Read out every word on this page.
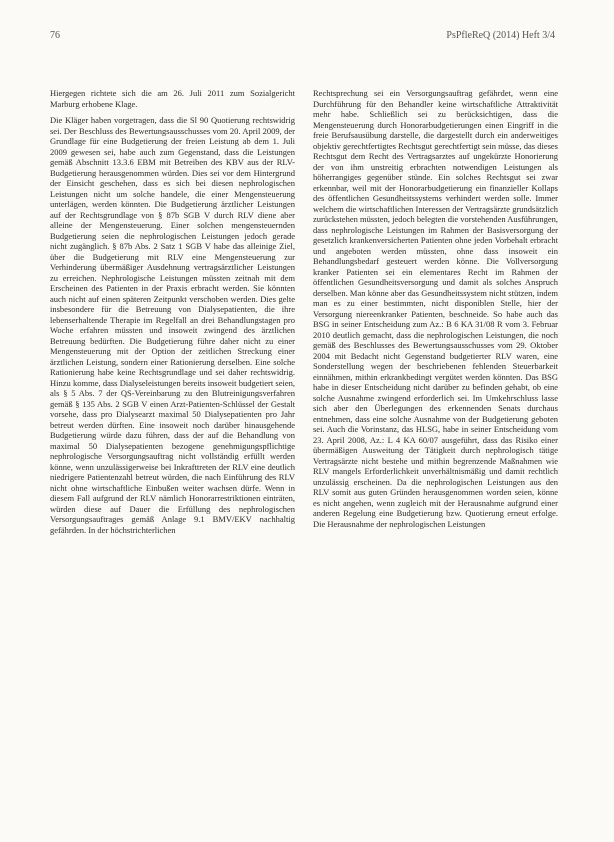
76	PsPfleReQ (2014) Heft 3/4

Hiergegen richtete sich die am 26. Juli 2011 zum Sozialgericht Marburg erhobene Klage.

Die Kläger haben vorgetragen, dass die Sl 90 Quotierung rechtswidrig sei. Der Beschluss des Bewertungsausschusses vom 20. April 2009, der Grundlage für eine Budgetierung der freien Leistung ab dem 1. Juli 2009 gewesen sei, habe auch zum Gegenstand, dass die Leistungen gemäß Abschnitt 13.3.6 EBM mit Betreiben des KBV aus der RLV-Budgetierung herausgenommen würden. Dies sei vor dem Hintergrund der Einsicht geschehen, dass es sich bei diesen nephrologischen Leistungen nicht um solche handele, die einer Mengensteuerung unterlägen, werden könnten. Die Budgetierung ärztlicher Leistungen auf der Rechtsgrundlage von § 87b SGB V durch RLV diene aber alleine der Mengensteuerung. Einer solchen mengensteuernden Budgetierung seien die nephrologischen Leistungen jedoch gerade nicht zugänglich. § 87b Abs. 2 Satz 1 SGB V habe das alleinige Ziel, über die Budgetierung mit RLV eine Mengensteuerung zur Verhinderung übermäßiger Ausdehnung vertragsärztlicher Leistungen zu erreichen. Nephrologische Leistungen müssten zeitnah mit dem Erscheinen des Patienten in der Praxis erbracht werden. Sie könnten auch nicht auf einen späteren Zeitpunkt verschoben werden. Dies gelte insbesondere für die Betreuung von Dialysepatienten, die ihre lebenserhaltende Therapie im Regelfall an drei Behandlungstagen pro Woche erfahren müssten und insoweit zwingend des ärztlichen Betreuung bedürften. Die Budgetierung führe daher nicht zu einer Mengensteuerung mit der Option der zeitlichen Streckung einer ärztlichen Leistung, sondern einer Rationierung derselben. Eine solche Rationierung habe keine Rechtsgrundlage und sei daher rechtswidrig. Hinzu komme, dass Dialyseleistungen bereits insoweit budgetiert seien, als § 5 Abs. 7 der QS-Vereinbarung zu den Blutreinigungsverfahren gemäß § 135 Abs. 2 SGB V einen Arzt-Patienten-Schlüssel der Gestalt vorsehe, dass pro Dialysearzt maximal 50 Dialysepatienten pro Jahr betreut werden dürften. Eine insoweit noch darüber hinausgehende Budgetierung würde dazu führen, dass der auf die Behandlung von maximal 50 Dialysepatienten bezogene genehmigungspflichtige nephrologische Versorgungsauftrag nicht vollständig erfüllt werden könne, wenn unzulässigerweise bei Inkrafttreten der RLV eine deutlich niedrigere Patientenzahl betreut würden, die nach Einführung des RLV nicht ohne wirtschaftliche Einbußen weiter wachsen dürfe. Wenn in diesem Fall aufgrund der RLV nämlich Honorarrestriktionen einträten, würden diese auf Dauer die Erfüllung des nephrologischen Versorgungsauftrages gemäß Anlage 9.1 BMV/EKV nachhaltig gefährden. In der höchstrichterlichen

Rechtsprechung sei ein Versorgungsauftrag gefährdet, wenn eine Durchführung für den Behandler keine wirtschaftliche Attraktivität mehr habe. Schließlich sei zu berücksichtigen, dass die Mengensteuerung durch Honorarbudgetierungen einen Eingriff in die freie Berufsausübung darstelle, die dargestellt durch ein anderweitiges objektiv gerechtfertigtes Rechtsgut gerechtfertigt sein müsse, das dieses Rechtsgut dem Recht des Vertragsarztes auf ungekürzte Honorierung der von ihm unstreitig erbrachten notwendigen Leistungen als höherrangiges gegenüber stünde. Ein solches Rechtsgut sei zwar erkennbar, weil mit der Honorarbudgetierung ein finanzieller Kollaps des öffentlichen Gesundheitssystems verhindert werden solle. Immer welchem die wirtschaftlichen Interessen der Vertragsärzte grundsätzlich zurückstehen müssten, jedoch belegten die vorstehenden Ausführungen, dass nephrologische Leistungen im Rahmen der Basisversorgung der gesetzlich krankenversicherten Patienten ohne jeden Vorbehalt erbracht und angeboten werden müssten, ohne dass insoweit ein Behandlungsbedarf gesteuert werden könne. Die Vollversorgung kranker Patienten sei ein elementares Recht im Rahmen der öffentlichen Gesundheitsversorgung und damit als solches Anspruch derselben. Man könne aber das Gesundheitssystem nicht stützen, indem man es zu einer bestimmten, nicht disponiblen Stelle, hier der Versorgung niereenkranker Patienten, beschneide. So habe auch das BSG in seiner Entscheidung zum Az.: B 6 KA 31/08 R vom 3. Februar 2010 deutlich gemacht, dass die nephrologischen Leistungen, die noch gemäß des Beschlusses des Bewertungsausschusses vom 29. Oktober 2004 mit Bedacht nicht Gegenstand budgetierter RLV waren, eine Sonderstellung wegen der beschriebenen fehlenden Steuerbarkeit einnähmen, mithin erkrankbedingt vergütet werden könnten. Das BSG habe in dieser Entscheidung nicht darüber zu befinden gehabt, ob eine solche Ausnahme zwingend erforderlich sei. Im Umkehrschluss lasse sich aber den Überlegungen des erkennenden Senats durchaus entnehmen, dass eine solche Ausnahme von der Budgetierung geboten sei. Auch die Vorinstanz, das HLSG, habe in seiner Entscheidung vom 23. April 2008, Az.: L 4 KA 60/07 ausgeführt, dass das Risiko einer übermäßigen Ausweitung der Tätigkeit durch nephrologisch tätige Vertragsärzte nicht bestehe und mithin begrenzende Maßnahmen wie RLV mangels Erforderlichkeit unverhältnismäßig und damit rechtlich unzulässig erscheinen. Da die nephrologischen Leistungen aus den RLV somit aus guten Gründen herausgenommen worden seien, könne es nicht angehen, wenn zugleich mit der Herausnahme aufgrund einer anderen Regelung eine Budgetierung bzw. Quotierung erneut erfolge. Die Herausnahme der nephrologischen Leistungen
